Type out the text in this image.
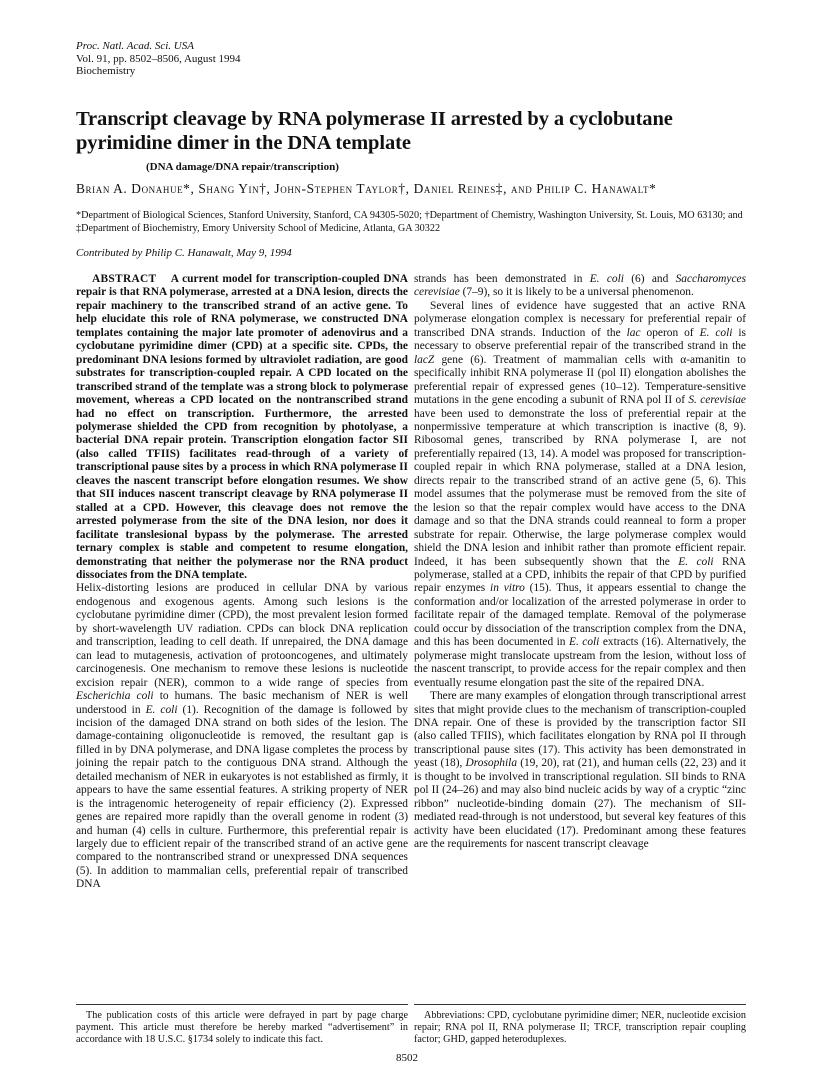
Proc. Natl. Acad. Sci. USA
Vol. 91, pp. 8502–8506, August 1994
Biochemistry
Transcript cleavage by RNA polymerase II arrested by a cyclobutane pyrimidine dimer in the DNA template
(DNA damage/DNA repair/transcription)
Brian A. Donahue*, Shang Yin†, John-Stephen Taylor†, Daniel Reines‡, and Philip C. Hanawalt*
*Department of Biological Sciences, Stanford University, Stanford, CA 94305-5020; †Department of Chemistry, Washington University, St. Louis, MO 63130; and ‡Department of Biochemistry, Emory University School of Medicine, Atlanta, GA 30322
Contributed by Philip C. Hanawalt, May 9, 1994

ABSTRACT A current model for transcription-coupled DNA repair is that RNA polymerase, arrested at a DNA lesion, directs the repair machinery to the transcribed strand of an active gene. To help elucidate this role of RNA polymerase, we constructed DNA templates containing the major late promoter of adenovirus and a cyclobutane pyrimidine dimer (CPD) at a specific site. CPDs, the predominant DNA lesions formed by ultraviolet radiation, are good substrates for transcription-coupled repair. A CPD located on the transcribed strand of the template was a strong block to polymerase movement, whereas a CPD located on the nontranscribed strand had no effect on transcription. Furthermore, the arrested polymerase shielded the CPD from recognition by photolyase, a bacterial DNA repair protein. Transcription elongation factor SII (also called TFIIS) facilitates read-through of a variety of transcriptional pause sites by a process in which RNA polymerase II cleaves the nascent transcript before elongation resumes. We show that SII induces nascent transcript cleavage by RNA polymerase II stalled at a CPD. However, this cleavage does not remove the arrested polymerase from the site of the DNA lesion, nor does it facilitate translesional bypass by the polymerase. The arrested ternary complex is stable and competent to resume elongation, demonstrating that neither the polymerase nor the RNA product dissociates from the DNA template.

Helix-distorting lesions are produced in cellular DNA by various endogenous and exogenous agents. Among such lesions is the cyclobutane pyrimidine dimer (CPD), the most prevalent lesion formed by short-wavelength UV radiation. CPDs can block DNA replication and transcription, leading to cell death. If unrepaired, the DNA damage can lead to mutagenesis, activation of protooncogenes, and ultimately carcinogenesis. One mechanism to remove these lesions is nucleotide excision repair (NER), common to a wide range of species from Escherichia coli to humans. The basic mechanism of NER is well understood in E. coli (1). Recognition of the damage is followed by incision of the damaged DNA strand on both sides of the lesion. The damage-containing oligonucleotide is removed, the resultant gap is filled in by DNA polymerase, and DNA ligase completes the process by joining the repair patch to the contiguous DNA strand. Although the detailed mechanism of NER in eukaryotes is not established as firmly, it appears to have the same essential features. A striking property of NER is the intragenomic heterogeneity of repair efficiency (2). Expressed genes are repaired more rapidly than the overall genome in rodent (3) and human (4) cells in culture. Furthermore, this preferential repair is largely due to efficient repair of the transcribed strand of an active gene compared to the nontranscribed strand or unexpressed DNA sequences (5). In addition to mammalian cells, preferential repair of transcribed DNA

strands has been demonstrated in E. coli (6) and Saccharomyces cerevisiae (7–9), so it is likely to be a universal phenomenon.

Several lines of evidence have suggested that an active RNA polymerase elongation complex is necessary for preferential repair of transcribed DNA strands. Induction of the lac operon of E. coli is necessary to observe preferential repair of the transcribed strand in the lacZ gene (6). Treatment of mammalian cells with α-amanitin to specifically inhibit RNA polymerase II (pol II) elongation abolishes the preferential repair of expressed genes (10–12). Temperature-sensitive mutations in the gene encoding a subunit of RNA pol II of S. cerevisiae have been used to demonstrate the loss of preferential repair at the nonpermissive temperature at which transcription is inactive (8, 9). Ribosomal genes, transcribed by RNA polymerase I, are not preferentially repaired (13, 14). A model was proposed for transcription-coupled repair in which RNA polymerase, stalled at a DNA lesion, directs repair to the transcribed strand of an active gene (5, 6). This model assumes that the polymerase must be removed from the site of the lesion so that the repair complex would have access to the DNA damage and so that the DNA strands could reanneal to form a proper substrate for repair. Otherwise, the large polymerase complex would shield the DNA lesion and inhibit rather than promote efficient repair. Indeed, it has been subsequently shown that the E. coli RNA polymerase, stalled at a CPD, inhibits the repair of that CPD by purified repair enzymes in vitro (15). Thus, it appears essential to change the conformation and/or localization of the arrested polymerase in order to facilitate repair of the damaged template. Removal of the polymerase could occur by dissociation of the transcription complex from the DNA, and this has been documented in E. coli extracts (16). Alternatively, the polymerase might translocate upstream from the lesion, without loss of the nascent transcript, to provide access for the repair complex and then eventually resume elongation past the site of the repaired DNA.

There are many examples of elongation through transcriptional arrest sites that might provide clues to the mechanism of transcription-coupled DNA repair. One of these is provided by the transcription factor SII (also called TFIIS), which facilitates elongation by RNA pol II through transcriptional pause sites (17). This activity has been demonstrated in yeast (18), Drosophila (19, 20), rat (21), and human cells (22, 23) and it is thought to be involved in transcriptional regulation. SII binds to RNA pol II (24–26) and may also bind nucleic acids by way of a cryptic “zinc ribbon” nucleotide-binding domain (27). The mechanism of SII-mediated read-through is not understood, but several key features of this activity have been elucidated (17). Predominant among these features are the requirements for nascent transcript cleavage

The publication costs of this article were defrayed in part by page charge payment. This article must therefore be hereby marked “advertisement” in accordance with 18 U.S.C. §1734 solely to indicate this fact.
Abbreviations: CPD, cyclobutane pyrimidine dimer; NER, nucleotide excision repair; RNA pol II, RNA polymerase II; TRCF, transcription repair coupling factor; GHD, gapped heteroduplexes.
8502
